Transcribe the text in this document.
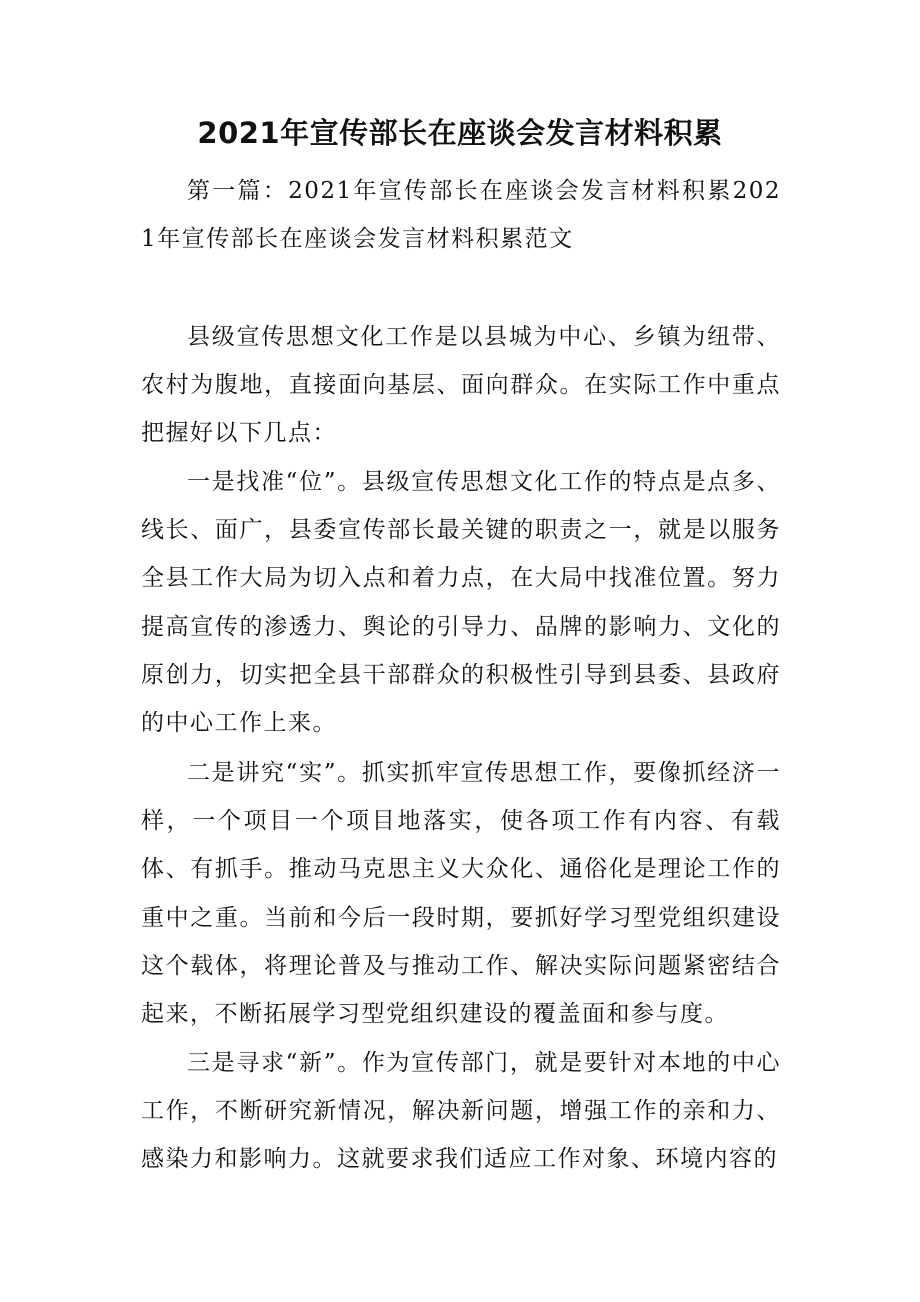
2021年宣传部长在座谈会发言材料积累

第一篇：2021年宣传部长在座谈会发言材料积累2021年宣传部长在座谈会发言材料积累范文

县级宣传思想文化工作是以县城为中心、乡镇为纽带、农村为腹地，直接面向基层、面向群众。在实际工作中重点把握好以下几点：

一是找准“位”。县级宣传思想文化工作的特点是点多、线长、面广，县委宣传部长最关键的职责之一，就是以服务全县工作大局为切入点和着力点，在大局中找准位置。努力提高宣传的渗透力、舆论的引导力、品牌的影响力、文化的原创力，切实把全县干部群众的积极性引导到县委、县政府的中心工作上来。

二是讲究“实”。抓实抓牢宣传思想工作，要像抓经济一样，一个项目一个项目地落实，使各项工作有内容、有载体、有抓手。推动马克思主义大众化、通俗化是理论工作的重中之重。当前和今后一段时期，要抓好学习型党组织建设这个载体，将理论普及与推动工作、解决实际问题紧密结合起来，不断拓展学习型党组织建设的覆盖面和参与度。

三是寻求“新”。作为宣传部门，就是要针对本地的中心工作，不断研究新情况，解决新问题，增强工作的亲和力、感染力和影响力。这就要求我们适应工作对象、环境内容的
